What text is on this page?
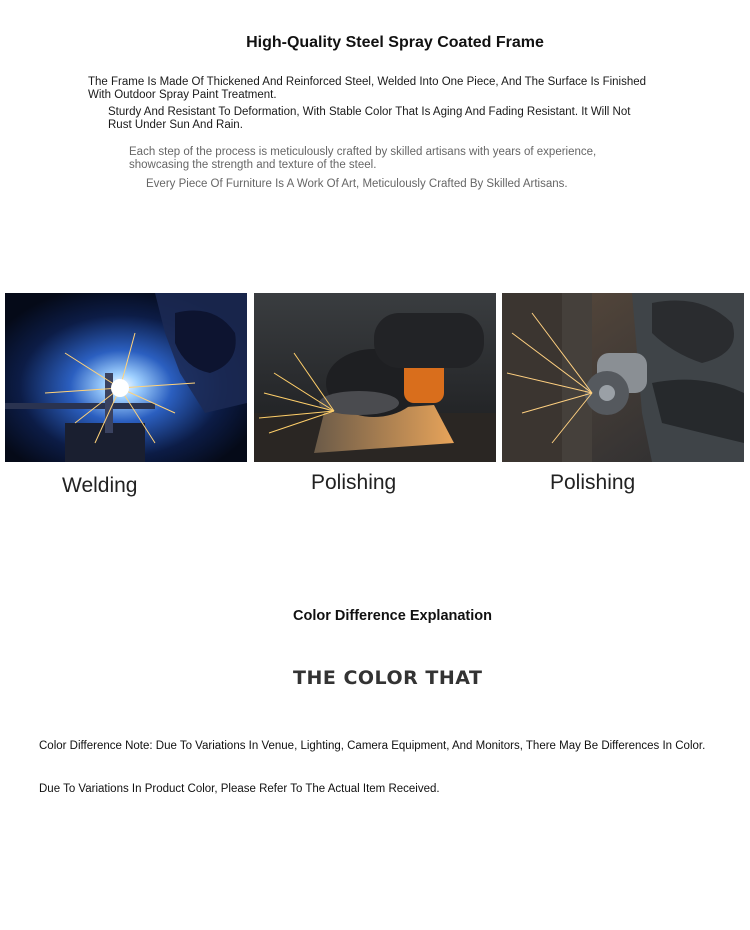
High-Quality Steel Spray Coated Frame
The Frame Is Made Of Thickened And Reinforced Steel, Welded Into One Piece, And The Surface Is Finished With Outdoor Spray Paint Treatment.
Sturdy And Resistant To Deformation, With Stable Color That Is Aging And Fading Resistant. It Will Not Rust Under Sun And Rain.
Each step of the process is meticulously crafted by skilled artisans with years of experience, showcasing the strength and texture of the steel.
Every Piece Of Furniture Is A Work Of Art, Meticulously Crafted By Skilled Artisans.
Welding	Polishing	Polishing
Color Difference Explanation
THE COLOR THAT
Color Difference Note: Due To Variations In Venue, Lighting, Camera Equipment, And Monitors, There May Be Differences In Color.
Due To Variations In Product Color, Please Refer To The Actual Item Received.
